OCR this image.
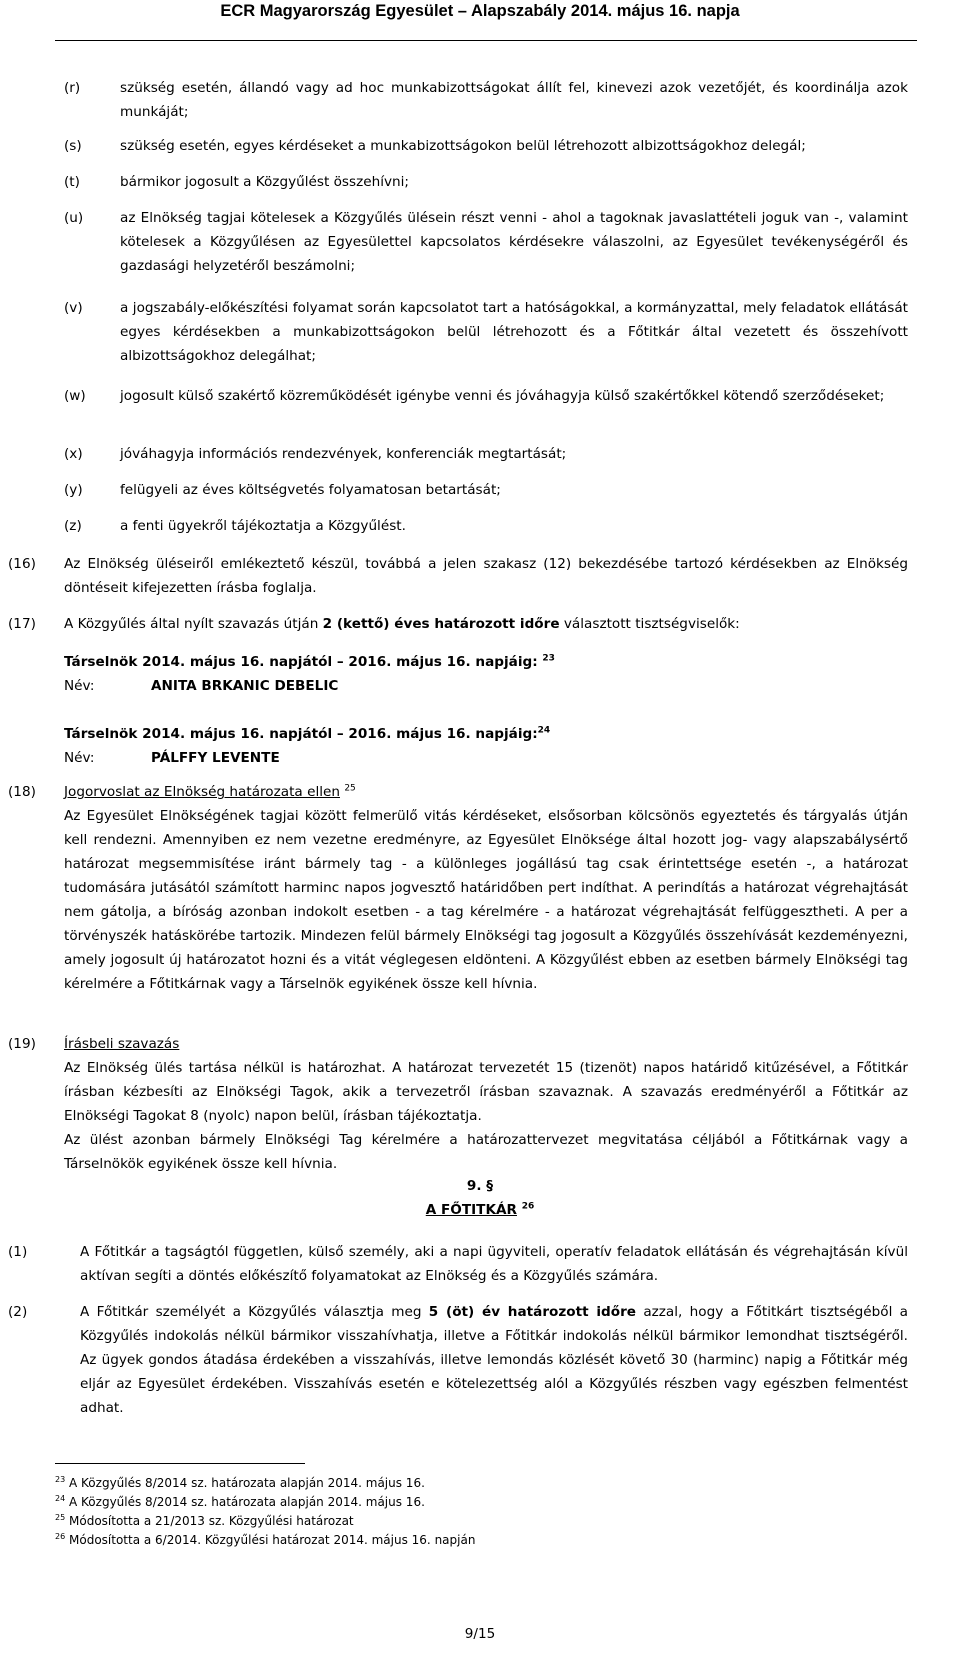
ECR Magyarország Egyesület – Alapszabály 2014. május 16. napja
(r)	szükség esetén, állandó vagy ad hoc munkabizottságokat állít fel, kinevezi azok vezetőjét, és koordinálja azok munkáját;

(s)	szükség esetén, egyes kérdéseket a munkabizottságokon belül létrehozott albizottságokhoz delegál;

(t)	bármikor jogosult a Közgyűlést összehívni;

(u)	az Elnökség tagjai kötelesek a Közgyűlés ülésein részt venni - ahol a tagoknak javaslattételi joguk van -, valamint kötelesek a Közgyűlésen az Egyesülettel kapcsolatos kérdésekre válaszolni, az Egyesület tevékenységéről és gazdasági helyzetéről beszámolni;

(v)	a jogszabály-előkészítési folyamat során kapcsolatot tart a hatóságokkal, a kormányzattal, mely feladatok ellátását egyes kérdésekben a munkabizottságokon belül létrehozott és a Főtitkár által vezetett és összehívott albizottságokhoz delegálhat;

(w)	jogosult külső szakértő közreműködését igénybe venni és jóváhagyja külső szakértőkkel kötendő szerződéseket;

(x)	jóváhagyja információs rendezvények, konferenciák megtartását;

(y)	felügyeli az éves költségvetés folyamatosan betartását;

(z)	a fenti ügyekről tájékoztatja a Közgyűlést.

(16) Az Elnökség üléseiről emlékeztető készül, továbbá a jelen szakasz (12) bekezdésébe tartozó kérdésekben az Elnökség döntéseit kifejezetten írásba foglalja.

(17) A Közgyűlés által nyílt szavazás útján 2 (kettő) éves határozott időre választott tisztségviselők:

Társelnök 2014. május 16. napjától – 2016. május 16. napjáig: $^{23}$
Név:	ANITA BRKANIC DEBELIC
Társelnök 2014. május 16. napjától – 2016. május 16. napjáig:$^{24}$
Név:	PÁLFFY LEVENTE
(18) Jogorvoslat az Elnökség határozata ellen $^{25}$

Az Egyesület Elnökségének tagjai között felmerülő vitás kérdéseket, elsősorban kölcsönös egyeztetés és tárgyalás útján kell rendezni. Amennyiben ez nem vezetne eredményre, az Egyesület Elnöksége által hozott jog- vagy alapszabálysértő határozat megsemmisítése iránt bármely tag - a különleges jogállású tag csak érintettsége esetén -, a határozat tudomására jutásától számított harminc napos jogvesztő határidőben pert indíthat. A perindítás a határozat végrehajtását nem gátolja, a bíróság azonban indokolt esetben - a tag kérelmére - a határozat végrehajtását felfüggesztheti. A per a törvényszék hatáskörébe tartozik. Mindezen felül bármely Elnökségi tag jogosult a Közgyűlés összehívását kezdeményezni, amely jogosult új határozatot hozni és a vitát véglegesen eldönteni. A Közgyűlést ebben az esetben bármely Elnökségi tag kérelmére a Főtitkárnak vagy a Társelnök egyikének össze kell hívnia.

(19) Írásbeli szavazás

Az Elnökség ülés tartása nélkül is határozhat. A határozat tervezetét 15 (tizenöt) napos határidő kitűzésével, a Főtitkár írásban kézbesíti az Elnökségi Tagok, akik a tervezetről írásban szavaznak. A szavazás eredményéről a Főtitkár az Elnökségi Tagokat 8 (nyolc) napon belül, írásban tájékoztatja.

Az ülést azonban bármely Elnökségi Tag kérelmére a határozattervezet megvitatása céljából a Főtitkárnak vagy a Társelnökök egyikének össze kell hívnia.

9. §
A FŐTITKÁR $^{26}$
(1)	A Főtitkár a tagságtól független, külső személy, aki a napi ügyviteli, operatív feladatok ellátásán és végrehajtásán kívül aktívan segíti a döntés előkészítő folyamatokat az Elnökség és a Közgyűlés számára.

(2)	A Főtitkár személyét a Közgyűlés választja meg 5 (öt) év határozott időre azzal, hogy a Főtitkárt tisztségéből a Közgyűlés indokolás nélkül bármikor visszahívhatja, illetve a Főtitkár indokolás nélkül bármikor lemondhat tisztségéről. Az ügyek gondos átadása érdekében a visszahívás, illetve lemondás közlését követő 30 (harminc) napig a Főtitkár még eljár az Egyesület érdekében. Visszahívás esetén e kötelezettség alól a Közgyűlés részben vagy egészben felmentést adhat.

$^{23}$ A Közgyűlés 8/2014 sz. határozata alapján 2014. május 16.
$^{24}$ A Közgyűlés 8/2014 sz. határozata alapján 2014. május 16.
$^{25}$ Módosította a 21/2013 sz. Közgyűlési határozat
$^{26}$ Módosította a 6/2014. Közgyűlési határozat 2014. május 16. napján
9/15
